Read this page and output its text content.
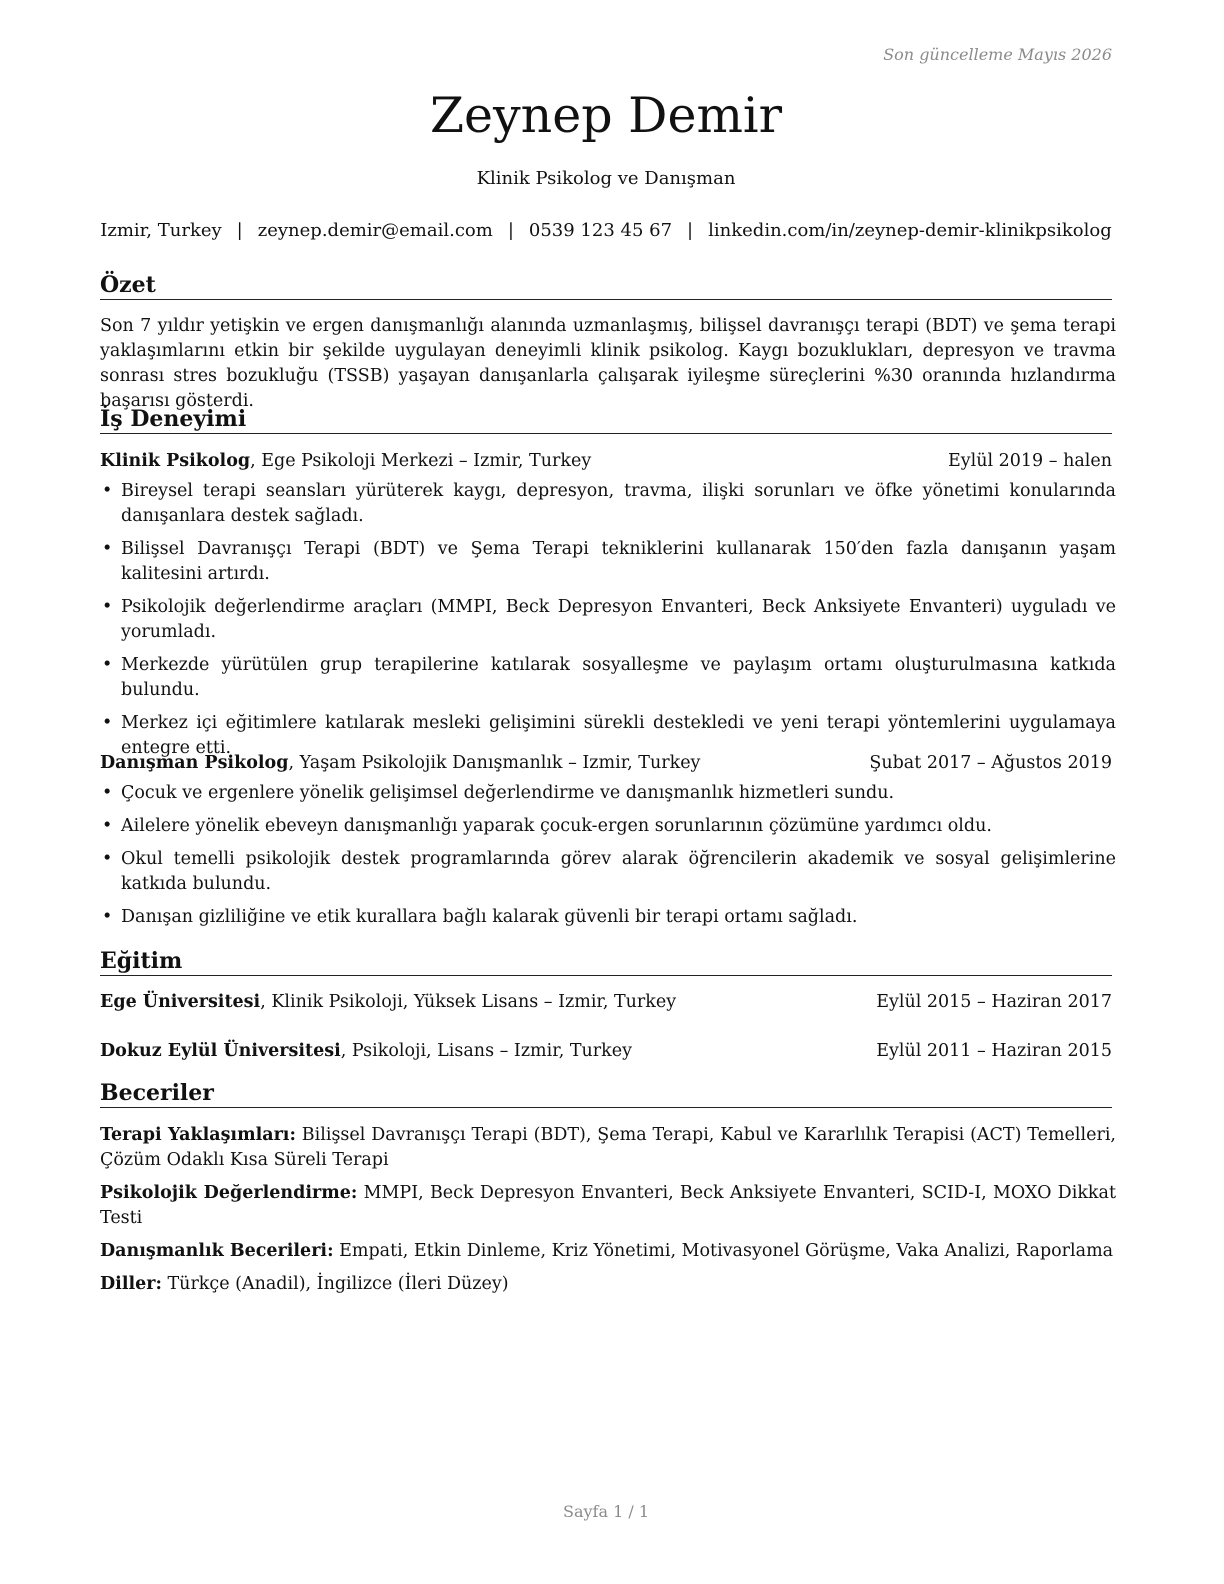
Son güncelleme Mayıs 2026
Zeynep Demir
Klinik Psikolog ve Danışman
Izmir, Turkey | zeynep.demir@email.com | 0539 123 45 67 | linkedin.com/in/zeynep-demir-klinikpsikolog
Özet
Son 7 yıldır yetişkin ve ergen danışmanlığı alanında uzmanlaşmış, bilişsel davranışçı terapi (BDT) ve şema terapi yaklaşımlarını etkin bir şekilde uygulayan deneyimli klinik psikolog. Kaygı bozuklukları, depresyon ve travma sonrası stres bozukluğu (TSSB) yaşayan danışanlarla çalışarak iyileşme süreçlerini %30 oranında hızlandırma başarısı gösterdi.
İş Deneyimi
Klinik Psikolog, Ege Psikoloji Merkezi – Izmir, Turkey	Eylül 2019 – halen
• Bireysel terapi seansları yürüterek kaygı, depresyon, travma, ilişki sorunları ve öfke yönetimi konularında danışanlara destek sağladı.
• Bilişsel Davranışçı Terapi (BDT) ve Şema Terapi tekniklerini kullanarak 150′den fazla danışanın yaşam kalitesini artırdı.
• Psikolojik değerlendirme araçları (MMPI, Beck Depresyon Envanteri, Beck Anksiyete Envanteri) uyguladı ve yorumladı.
• Merkezde yürütülen grup terapilerine katılarak sosyalleşme ve paylaşım ortamı oluşturulmasına katkıda bulundu.
• Merkez içi eğitimlere katılarak mesleki gelişimini sürekli destekledi ve yeni terapi yöntemlerini uygulamaya entegre etti.
Danışman Psikolog, Yaşam Psikolojik Danışmanlık – Izmir, Turkey	Şubat 2017 – Ağustos 2019
• Çocuk ve ergenlere yönelik gelişimsel değerlendirme ve danışmanlık hizmetleri sundu.
• Ailelere yönelik ebeveyn danışmanlığı yaparak çocuk-ergen sorunlarının çözümüne yardımcı oldu.
• Okul temelli psikolojik destek programlarında görev alarak öğrencilerin akademik ve sosyal gelişimlerine katkıda bulundu.
• Danışan gizliliğine ve etik kurallara bağlı kalarak güvenli bir terapi ortamı sağladı.
Eğitim
Ege Üniversitesi, Klinik Psikoloji, Yüksek Lisans – Izmir, Turkey	Eylül 2015 – Haziran 2017
Dokuz Eylül Üniversitesi, Psikoloji, Lisans – Izmir, Turkey	Eylül 2011 – Haziran 2015
Beceriler
Terapi Yaklaşımları: Bilişsel Davranışçı Terapi (BDT), Şema Terapi, Kabul ve Kararlılık Terapisi (ACT) Temelleri, Çözüm Odaklı Kısa Süreli Terapi
Psikolojik Değerlendirme: MMPI, Beck Depresyon Envanteri, Beck Anksiyete Envanteri, SCID-I, MOXO Dikkat Testi
Danışmanlık Becerileri: Empati, Etkin Dinleme, Kriz Yönetimi, Motivasyonel Görüşme, Vaka Analizi, Raporlama
Diller: Türkçe (Anadil), İngilizce (İleri Düzey)
Sayfa 1 / 1
